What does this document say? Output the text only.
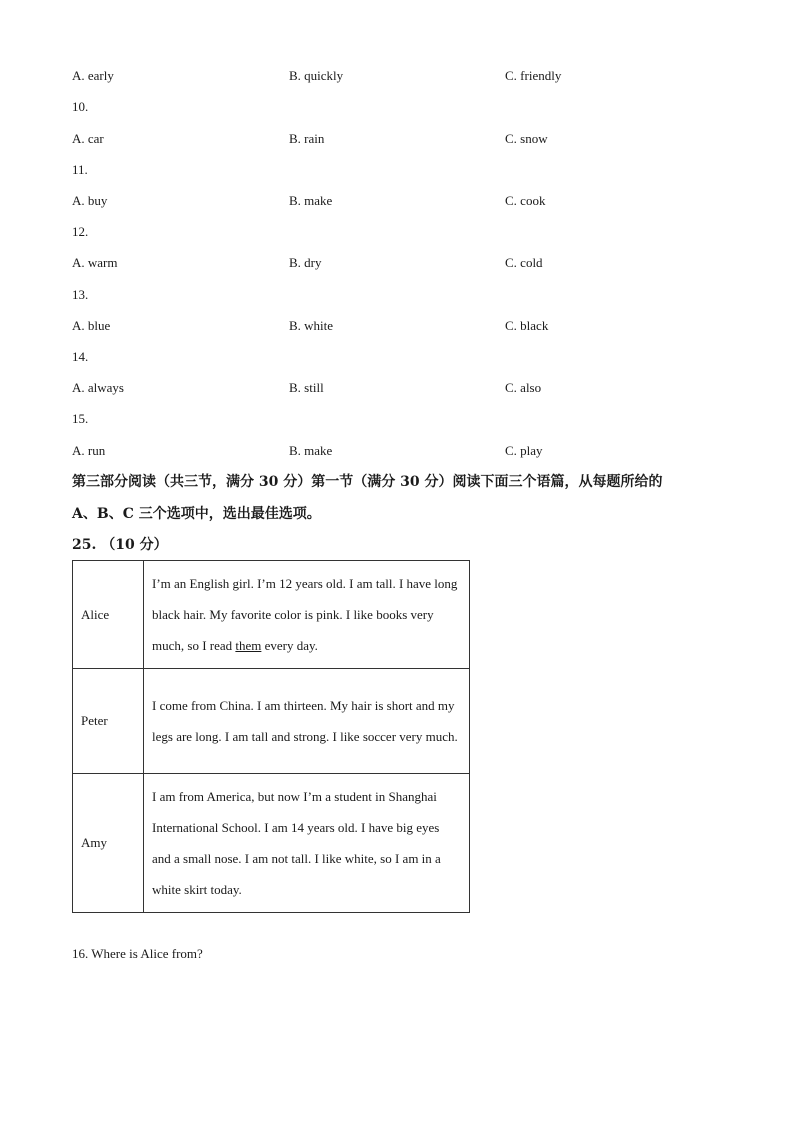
A. early	B. quickly	C. friendly
10.
A. car	B. rain	C. snow
11.
A. buy	B. make	C. cook
12.
A. warm	B. dry	C. cold
13.
A. blue	B. white	C. black
14.
A. always	B. still	C. also
15.
A. run	B. make	C. play
第三部分阅读（共三节，满分 30 分）第一节（满分 30 分）阅读下面三个语篇，从每题所给的
A、B、C 三个选项中，选出最佳选项。
25. （10 分）
Alice	I’m an English girl. I’m 12 years old. I am tall. I have long black hair. My favorite color is pink. I like books very much, so I read them every day.
Peter	I come from China. I am thirteen. My hair is short and my legs are long. I am tall and strong. I like soccer very much.
Amy	I am from America, but now I’m a student in Shanghai International School. I am 14 years old. I have big eyes and a small nose. I am not tall. I like white, so I am in a white skirt today.
16. Where is Alice from?
